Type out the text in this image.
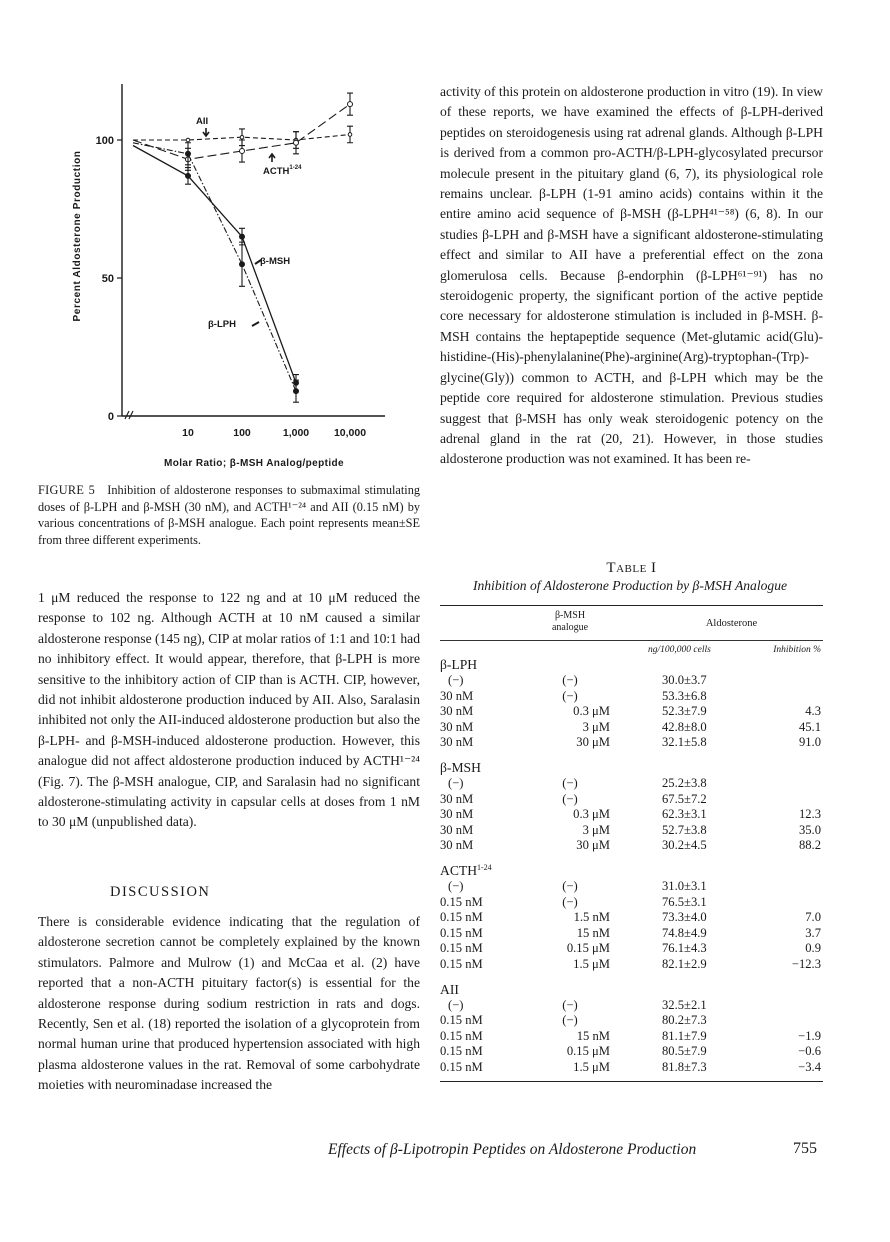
100
50
0
10	100	1,000 10,000
Percent Aldosterone Production
Molar Ratio; β-MSH Analog/peptide
AII
ACTH$^{1-24}$
β-MSH
β-LPH
FIGURE 5 Inhibition of aldosterone responses to submaximal stimulating doses of β-LPH and β-MSH (30 nM), and ACTH¹⁻²⁴ and AII (0.15 nM) by various concentrations of β-MSH analogue. Each point represents mean±SE from three different experiments.

1 μM reduced the response to 122 ng and at 10 μM reduced the response to 102 ng. Although ACTH at 10 nM caused a similar aldosterone response (145 ng), CIP at molar ratios of 1:1 and 10:1 had no inhibitory effect. It would appear, therefore, that β-LPH is more sensitive to the inhibitory action of CIP than is ACTH. CIP, however, did not inhibit aldosterone production induced by AII. Also, Saralasin inhibited not only the AII-induced aldosterone production but also the β-LPH- and β-MSH-induced aldosterone production. However, this analogue did not affect aldosterone production induced by ACTH¹⁻²⁴ (Fig. 7). The β-MSH analogue, CIP, and Saralasin had no significant aldosterone-stimulating activity in capsular cells at doses from 1 nM to 30 μM (unpublished data).

DISCUSSION

There is considerable evidence indicating that the regulation of aldosterone secretion cannot be completely explained by the known stimulators. Palmore and Mulrow (1) and McCaa et al. (2) have reported that a non-ACTH pituitary factor(s) is essential for the aldosterone response during sodium restriction in rats and dogs. Recently, Sen et al. (18) reported the isolation of a glycoprotein from normal human urine that produced hypertension associated with high plasma aldosterone values in the rat. Removal of some carbohydrate moieties with neurominadase increased the

activity of this protein on aldosterone production in vitro (19). In view of these reports, we have examined the effects of β-LPH-derived peptides on steroidogenesis using rat adrenal glands. Although β-LPH is derived from a common pro-ACTH/β-LPH-glycosylated precursor molecule present in the pituitary gland (6, 7), its physiological role remains unclear. β-LPH (1-91 amino acids) contains within it the entire amino acid sequence of β-MSH (β-LPH⁴¹⁻⁵⁸) (6, 8). In our studies β-LPH and β-MSH have a significant aldosterone-stimulating effect and similar to AII have a preferential effect on the zona glomerulosa cells. Because β-endorphin (β-LPH⁶¹⁻⁹¹) has no steroidogenic property, the significant portion of the active peptide core necessary for aldosterone stimulation is included in β-MSH. β-MSH contains the heptapeptide sequence (Met-glutamic acid(Glu)-histidine-(His)-phenylalanine(Phe)-arginine(Arg)-tryptophan-(Trp)-glycine(Gly)) common to ACTH, and β-LPH which may be the peptide core required for aldosterone stimulation. Previous studies suggest that β-MSH has only weak steroidogenic potency on the adrenal gland in the rat (20, 21). However, in those studies aldosterone production was not examined. It has been re-

Table I
Inhibition of Aldosterone Production by β-MSH Analogue
β-MSH
analogue	Aldosterone
ng/100,000 cells	Inhibition %
β-LPH
(−)	(−)	30.0±3.7
30 nM	(−)	53.3±6.8
30 nM	0.3 μM	52.3±7.9	4.3
30 nM	3 μM	42.8±8.0	45.1
30 nM	30 μM	32.1±5.8	91.0
β-MSH
(−)	(−)	25.2±3.8
30 nM	(−)	67.5±7.2
30 nM	0.3 μM	62.3±3.1	12.3
30 nM	3 μM	52.7±3.8	35.0
30 nM	30 μM	30.2±4.5	88.2
ACTH$^{1-24}$
(−)	(−)	31.0±3.1
0.15 nM	(−)	76.5±3.1
0.15 nM	1.5 nM	73.3±4.0	7.0
0.15 nM	15 nM	74.8±4.9	3.7
0.15 nM	0.15 μM	76.1±4.3	0.9
0.15 nM	1.5 μM	82.1±2.9	−12.3
AII
(−)	(−)	32.5±2.1
0.15 nM	(−)	80.2±7.3
0.15 nM	15 nM	81.1±7.9	−1.9
0.15 nM	0.15 μM	80.5±7.9	−0.6
0.15 nM	1.5 μM	81.8±7.3	−3.4
Effects of β-Lipotropin Peptides on Aldosterone Production	755
